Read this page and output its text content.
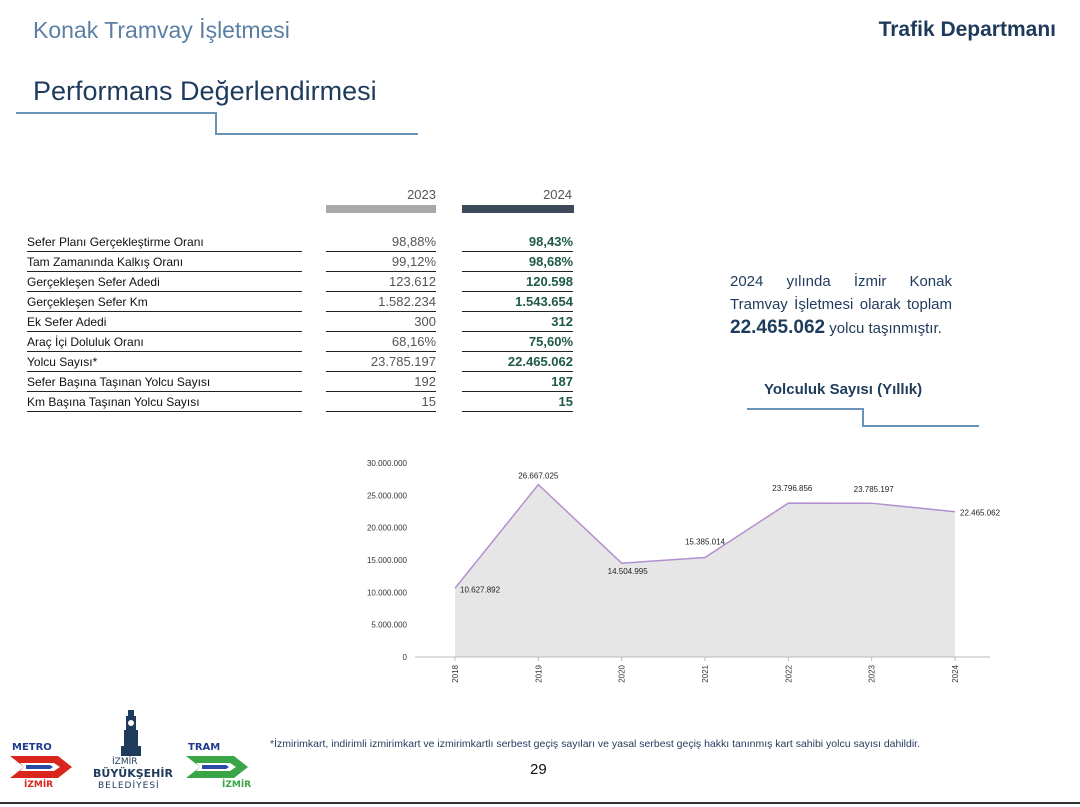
Konak Tramvay İşletmesi	Trafik Departmanı
Performans Değerlendirmesi
2023	2024
Sefer Planı Gerçekleştirme Oranı	98,88%	98,43%
Tam Zamanında Kalkış Oranı	99,12%	98,68%
Gerçekleşen Sefer Adedi	123.612	120.598
Gerçekleşen Sefer Km	1.582.234	1.543.654
Ek Sefer Adedi	300	312
Araç İçi Doluluk Oranı	68,16%	75,60%
Yolcu Sayısı*	23.785.197	22.465.062
Sefer Başına Taşınan Yolcu Sayısı	192	187
Km Başına Taşınan Yolcu Sayısı	15	15
2024 yılında İzmir Konak Tramvay İşletmesi olarak toplam 22.465.062 yolcu taşınmıştır.
Yolculuk Sayısı (Yıllık)
0
5.000.000
10.000.000
15.000.000
20.000.000
25.000.000
30.000.000
2018	2019	2020	2021	2022	2023	2024
10.627.892
26.667.025
14.504.995
15.385.014
23.796.856	23.785.197
22.465.062
*İzmirimkart, indirimli izmirimkart ve izmirimkartlı serbest geçiş sayıları ve yasal serbest geçiş hakkı tanınmış kart sahibi yolcu sayısı dahildir.
29
METRO
İZMİR
İZMİR
BÜYÜKŞEHİR
BELEDİYESİ
TRAM
İZMİR
